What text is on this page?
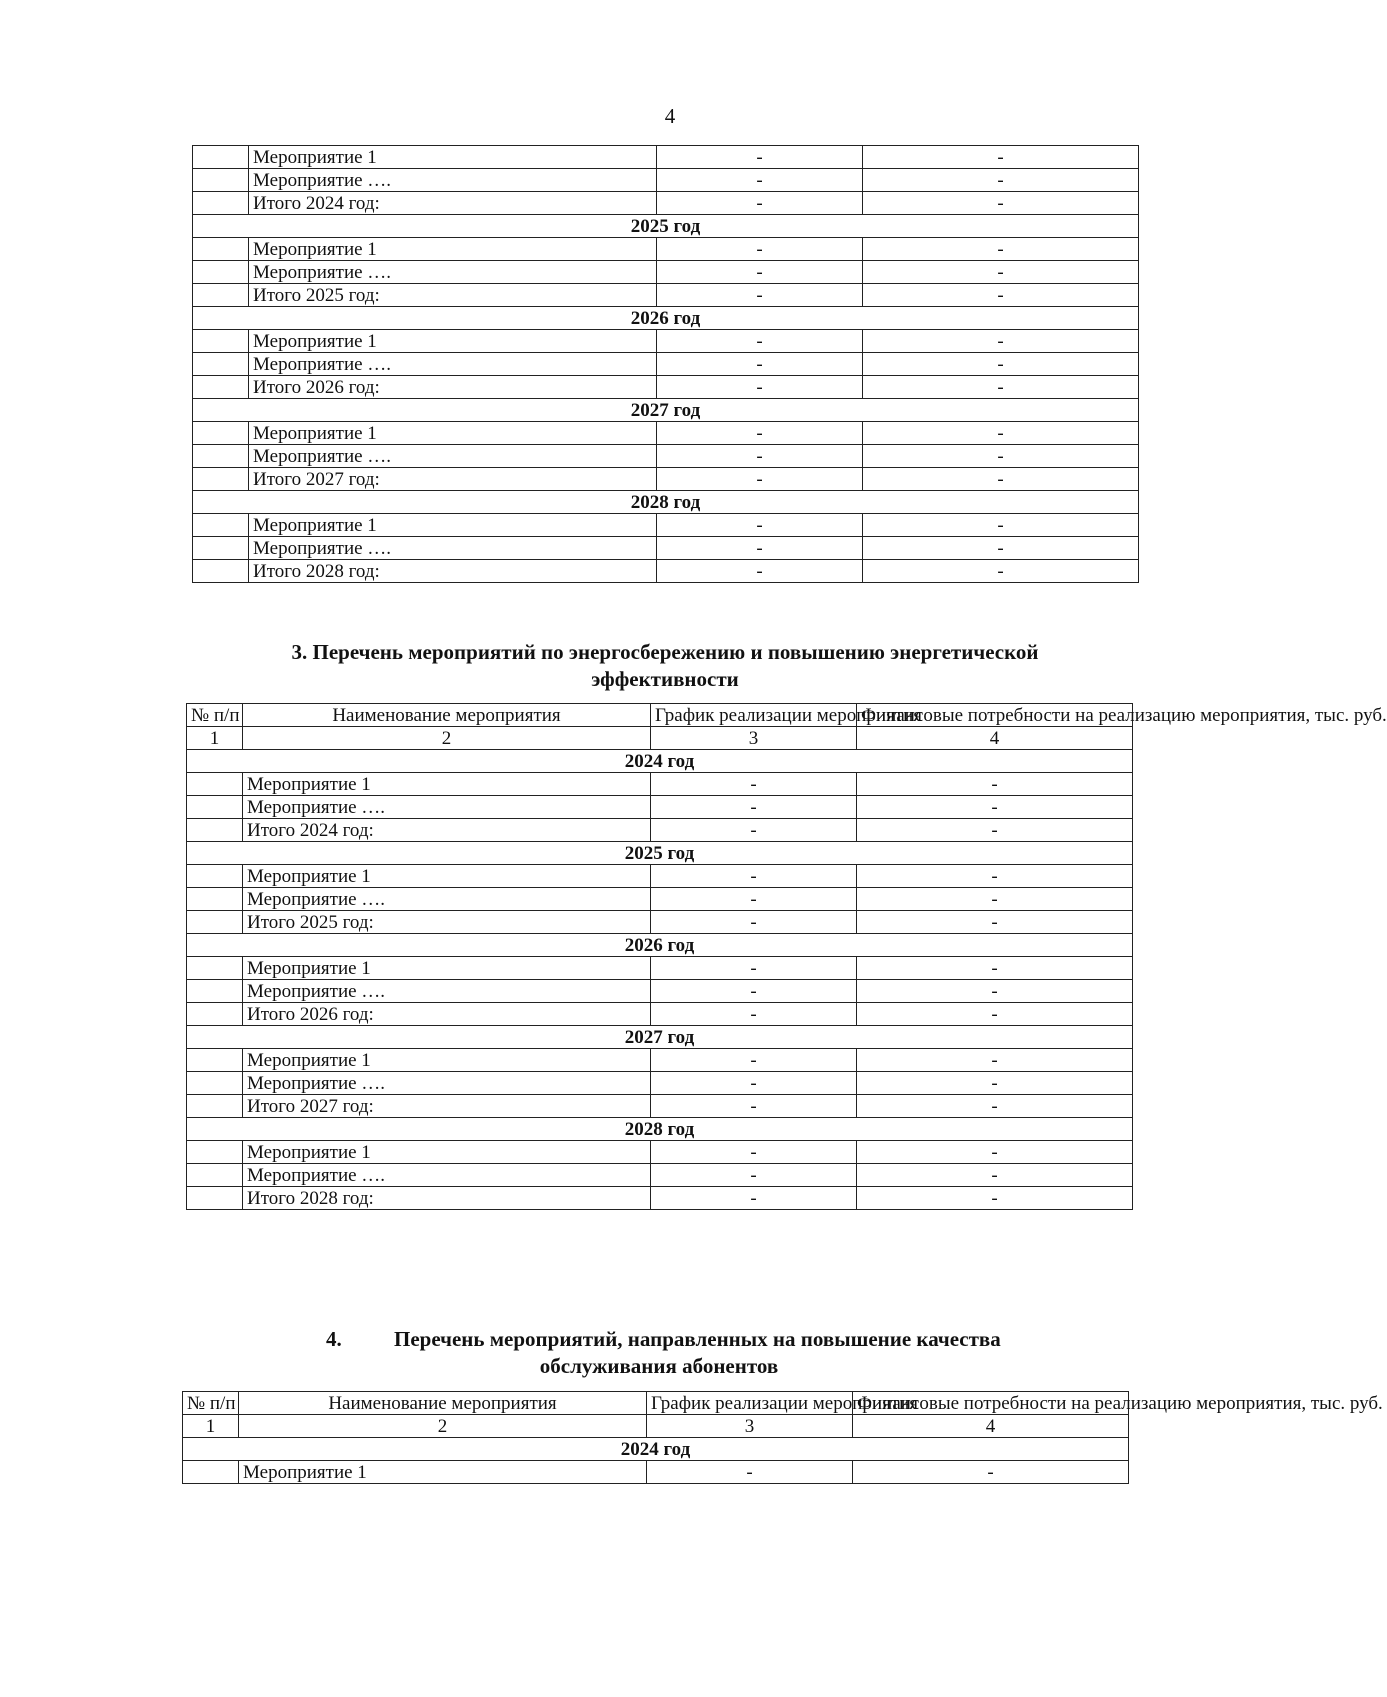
4
	Мероприятие 1	-	-
	Мероприятие ….	-	-
	Итого 2024 год:	-	-
2025 год			
	Мероприятие 1	-	-
	Мероприятие ….	-	-
	Итого 2025 год:	-	-
2026 год			
	Мероприятие 1	-	-
	Мероприятие ….	-	-
	Итого 2026 год:	-	-
2027 год			
	Мероприятие 1	-	-
	Мероприятие ….	-	-
	Итого 2027 год:	-	-
2028 год			
	Мероприятие 1	-	-
	Мероприятие ….	-	-
	Итого 2028 год:	-	-
3. Перечень мероприятий по энергосбережению и повышению энергетической
эффективности
№ п/п	Наименование мероприятия	График реализации мероприятия	Финансовые потребности на реализацию мероприятия, тыс. руб.
1	2	3	4
2024 год			
	Мероприятие 1	-	-
	Мероприятие ….	-	-
	Итого 2024 год:	-	-
2025 год			
	Мероприятие 1	-	-
	Мероприятие ….	-	-
	Итого 2025 год:	-	-
2026 год			
	Мероприятие 1	-	-
	Мероприятие ….	-	-
	Итого 2026 год:	-	-
2027 год			
	Мероприятие 1	-	-
	Мероприятие ….	-	-
	Итого 2027 год:	-	-
2028 год			
	Мероприятие 1	-	-
	Мероприятие ….	-	-
	Итого 2028 год:	-	-
4. Перечень мероприятий, направленных на повышение качества
обслуживания абонентов
№ п/п	Наименование мероприятия	График реализации мероприятия	Финансовые потребности на реализацию мероприятия, тыс. руб.
1	2	3	4
2024 год			
	Мероприятие 1	-	-
